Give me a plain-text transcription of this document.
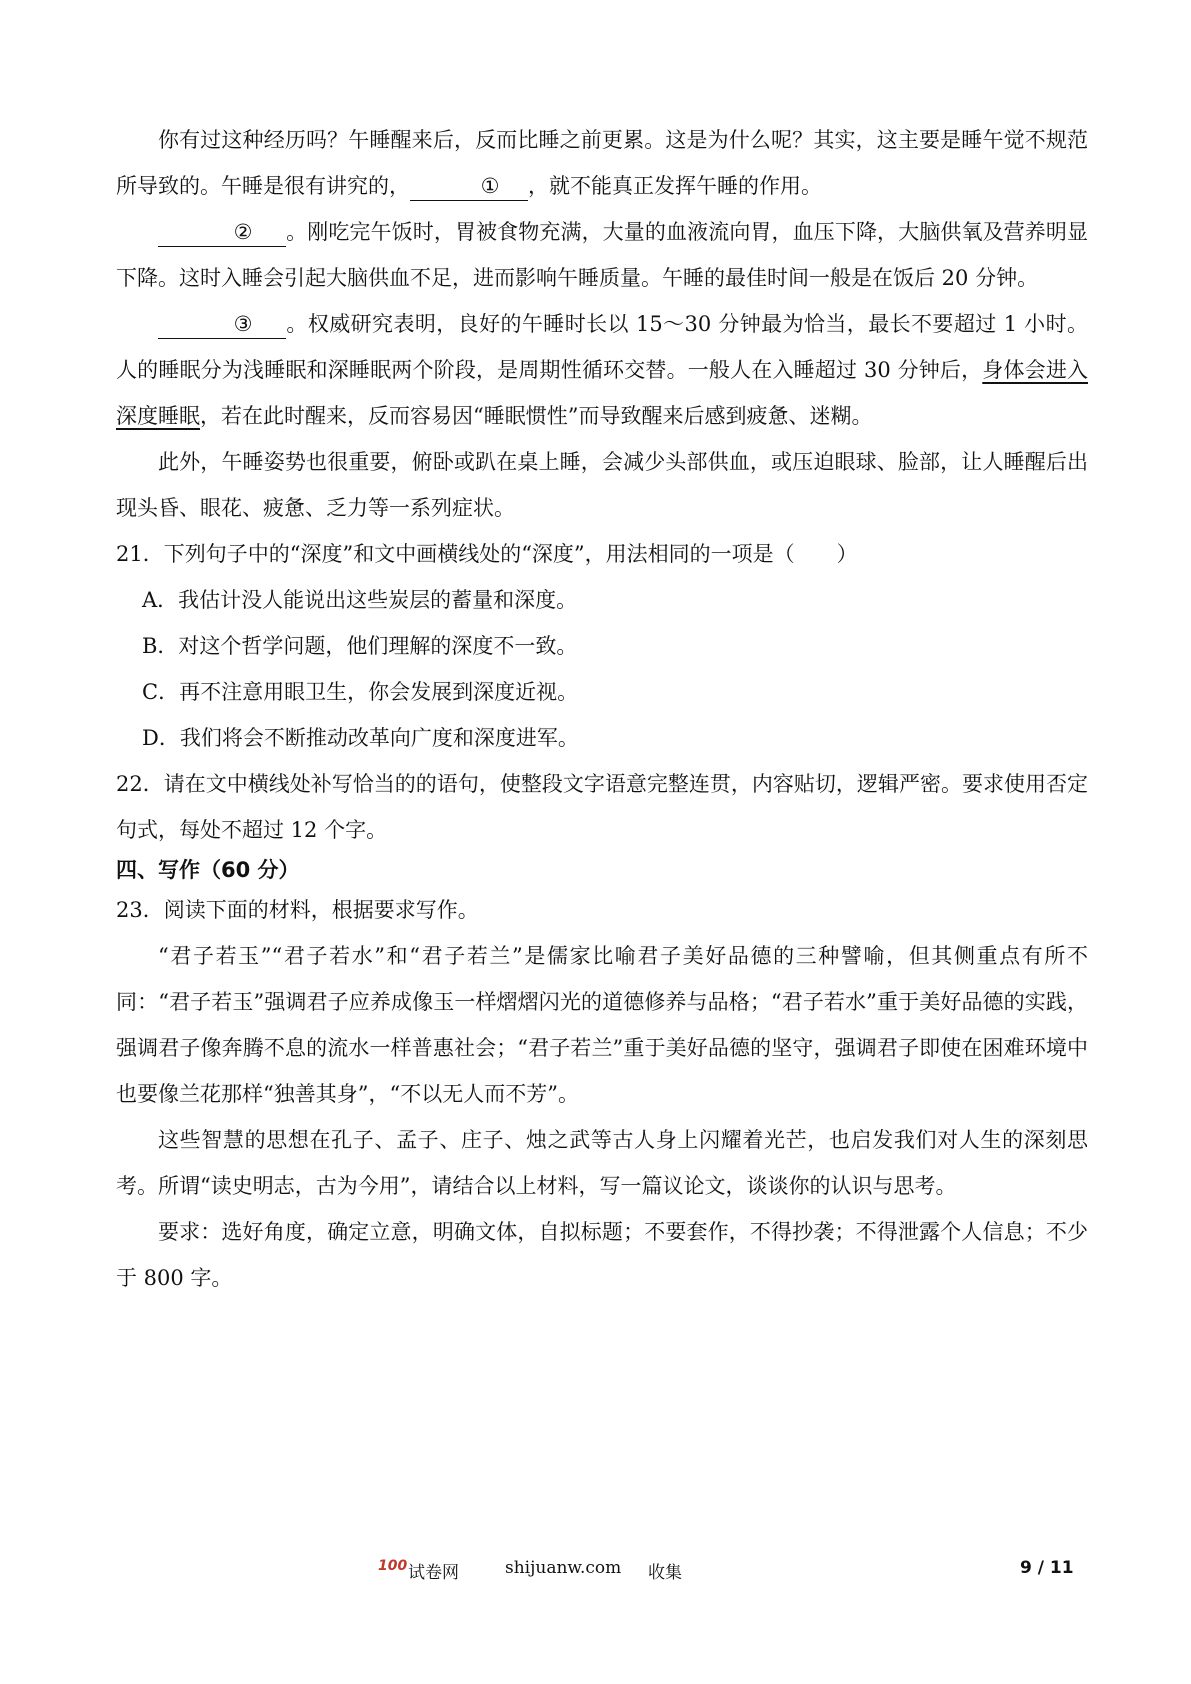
你有过这种经历吗？午睡醒来后，反而比睡之前更累。这是为什么呢？其实，这主要是睡午觉不规范所导致的。午睡是很有讲究的，	① ，就不能真正发挥午睡的作用。

② 。刚吃完午饭时，胃被食物充满，大量的血液流向胃，血压下降，大脑供氧及营养明显下降。这时入睡会引起大脑供血不足，进而影响午睡质量。午睡的最佳时间一般是在饭后 20 分钟。

③ 。权威研究表明，良好的午睡时长以 15～30 分钟最为恰当，最长不要超过 1 小时。人的睡眠分为浅睡眠和深睡眠两个阶段，是周期性循环交替。一般人在入睡超过 30 分钟后，身体会进入深度睡眠，若在此时醒来，反而容易因“睡眠惯性”而导致醒来后感到疲惫、迷糊。

此外，午睡姿势也很重要，俯卧或趴在桌上睡，会减少头部供血，或压迫眼球、脸部，让人睡醒后出现头昏、眼花、疲惫、乏力等一系列症状。

21．下列句子中的“深度”和文中画横线处的“深度”，用法相同的一项是（　　）

A．我估计没人能说出这些炭层的蓄量和深度。

B．对这个哲学问题，他们理解的深度不一致。

C．再不注意用眼卫生，你会发展到深度近视。

D．我们将会不断推动改革向广度和深度进军。

22．请在文中横线处补写恰当的的语句，使整段文字语意完整连贯，内容贴切，逻辑严密。要求使用否定句式，每处不超过 12 个字。

四、写作（60 分）

23．阅读下面的材料，根据要求写作。

“君子若玉”“君子若水”和“君子若兰”是儒家比喻君子美好品德的三种譬喻，但其侧重点有所不同：“君子若玉”强调君子应养成像玉一样熠熠闪光的道德修养与品格；“君子若水”重于美好品德的实践，强调君子像奔腾不息的流水一样普惠社会；“君子若兰”重于美好品德的坚守，强调君子即使在困难环境中也要像兰花那样“独善其身”，“不以无人而不芳”。

这些智慧的思想在孔子、孟子、庄子、烛之武等古人身上闪耀着光芒，也启发我们对人生的深刻思考。所谓“读史明志，古为今用”，请结合以上材料，写一篇议论文，谈谈你的认识与思考。

要求：选好角度，确定立意，明确文体，自拟标题；不要套作，不得抄袭；不得泄露个人信息；不少于 800 字。

100 试卷网	shijuanw.com 收集	9 / 11
